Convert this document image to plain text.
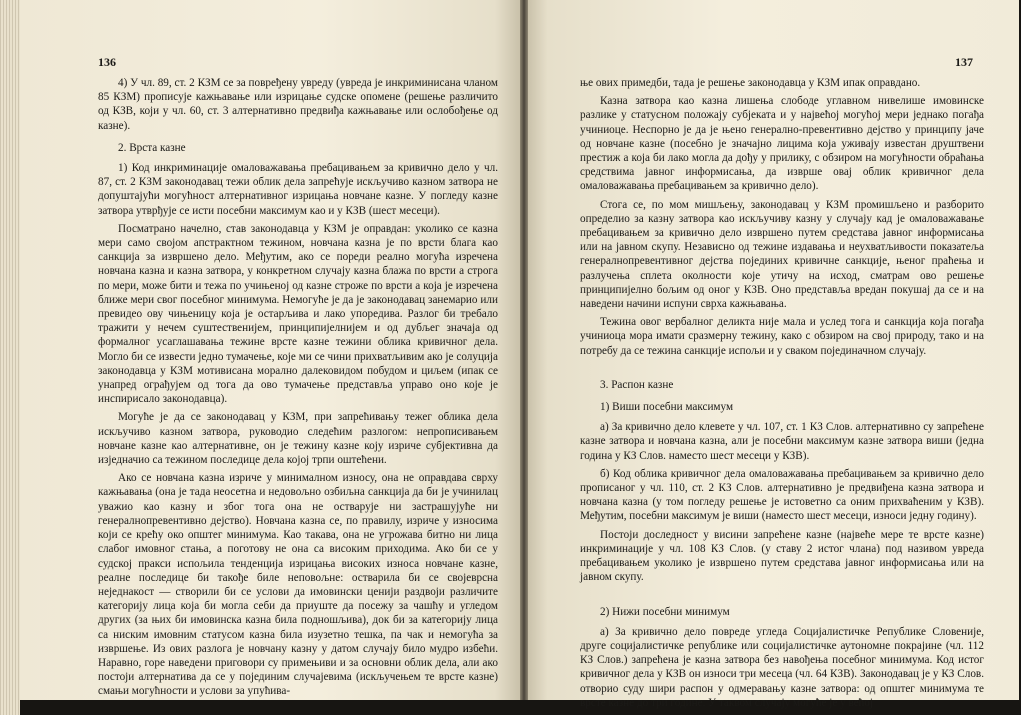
136

4) У чл. 89, ст. 2 КЗМ се за повређену увреду (увреда је инкриминисана чланом 85 КЗМ) прописује кажњавање или изрицање судске опомене (решење различито од КЗВ, који у чл. 60, ст. 3 алтернативно предвиђа кажњавање или ослобођење од казне).

2. Врста казне

1) Код инкриминације омаловажавања пребацивањем за кривично дело у чл. 87, ст. 2 КЗМ законодавац тежи облик дела запрећује искључиво казном затвора не допуштајући могућност алтернативног изрицања новчане казне. У погледу казне затвора утврђује се исти посебни максимум као и у КЗВ (шест месеци).

Посматрано начелно, став законодавца у КЗМ је оправдан: уколико се казна мери само својом апстрактном тежином, новчана казна је по врсти блага као санкција за извршено дело. Међутим, ако се пореди реално могућа изречена новчана казна и казна затвора, у конкретном случају казна блажа по врсти а строга по мери, може бити и тежа по учињеној од казне строже по врсти а која је изречена ближе мери свог посебног минимума. Немогуће је да је законодавац занемарио или превидео ову чињеницу која је остарљива и лако упоредива. Разлог би требало тражити у нечем суштественијем, принципијелнијем и од дубљег значаја од формалног усаглашавања тежине врсте казне тежини облика кривичног дела. Могло би се извести једно тумачење, које ми се чини прихватљивим ако је солуција законодавца у КЗМ мотивисана морално далековидом побудом и циљем (ипак се унапред ограђујем од тога да ово тумачење представља управо оно које је инспирисало законодавца).

Могуће је да се законодавац у КЗМ, при запрећивању тежег облика дела искључиво казном затвора, руководио следећим разлогом: непрописивањем новчане казне као алтернативне, он је тежину казне коју изриче субјективна да изједначио са тежином последице дела којој трпи оштећени.

Ако се новчана казна изриче у минималном износу, она не оправдава сврху кажњавања (она је тада неосетна и недовољно озбиљна санкција да би је учинилац уважио као казну и због тога она не остварује ни застрашујуће ни генералнопревентивно дејство). Новчана казна се, по правилу, изриче у износима који се крећу око општег минимума. Као такава, она не угрожава битно ни лица слабог имовног стања, а поготову не она са високим приходима. Ако би се у судској пракси испољила тенденција изрицања високих износа новчане казне, реалне последице би такође биле неповољне: остварила би се својеврсна неједнакост — створили би се услови да имовински ценији раздвоји различите категорију лица која би могла себи да приуште да посежу за чашћу и угледом других (за њих би имовинска казна била подношљива), док би за категорију лица са ниским имовним статусом казна била изузетно тешка, па чак и немогућа за извршење. Из ових разлога је новчану казну у датом случају било мудро избећи. Наравно, горе наведени приговори су примењиви и за основни облик дела, али ако постоји алтернатива да се у појединим случајевима (искључењем те врсте казне) смањи могућности и услови за упућива-

137

ње ових примедби, тада је решење законодавца у КЗМ ипак оправдано.

Казна затвора као казна лишења слободе углавном нивелише имовинске разлике у статусном положају субјеката и у највећој могућој мери једнако погађа учиниоце. Неспорно је да је њено генерално-превентивно дејство у принципу јаче од новчане казне (посебно је значајно лицима која уживају известан друштвени престиж а која би лако могла да дођу у прилику, с обзиром на могућности обраћања средствима јавног информисања, да изврше овај облик кривичног дела омаловажавања пребацивањем за кривично дело).

Стога се, по мом мишљењу, законодавац у КЗМ промишљено и разборито определио за казну затвора као искључиву казну у случају кад је омаловажавање пребацивањем за кривично дело извршено путем средстава јавног информисања или на јавном скупу. Независно од тежине издавања и неухватљивости показатеља генералнопревентивног дејства појединих кривичне санкције, њеног праћења и разлучења сплета околности које утичу на исход, сматрам ово решење принципијелно бољим од оног у КЗВ. Оно представља вредан покушај да се и на наведени начини испуни сврха кажњавања.

Тежина овог вербалног деликта није мала и услед тога и санкција која погађа учиниоца мора имати сразмерну тежину, како с обзиром на свој природу, тако и на потребу да се тежина санкције испољи и у сваком појединачном случају.

3. Распон казне

1) Виши посебни максимум

а) За кривично дело клевете у чл. 107, ст. 1 КЗ Слов. алтернативно су запрећене казне затвора и новчана казна, али је посебни максимум казне затвора виши (једна година у КЗ Слов. наместо шест месеци у КЗВ).

б) Код облика кривичног дела омаловажавања пребацивањем за кривично дело прописаног у чл. 110, ст. 2 КЗ Слов. алтернативно је предвиђена казна затвора и новчана казна (у том погледу решење је истоветно са оним прихваћеним у КЗВ). Међутим, посебни максимум је виши (наместо шест месеци, износи једну годину).

Постоји доследност у висини запрећене казне (највеће мере те врсте казне) инкриминације у чл. 108 КЗ Слов. (у ставу 2 истог члана) под називом увреда пребацивањем уколико је извршено путем средстава јавног информисања или на јавном скупу.

2) Нижи посебни минимум

а) За кривично дело повреде угледа Социјалистичке Републике Словеније, друге социјалистичке републике или социјалистичке аутономне покрајине (чл. 112 КЗ Слов.) запрећена је казна затвора без навођења посебног минимума. Код истог кривичног дела у КЗВ он износи три месеца (чл. 64 КЗВ). Законодавац је у КЗ Слов. отворио суду шири распон у одмеравању казне затвора: од општег минимума те врсте казне до три године. У таквом случају могуће је у већој
